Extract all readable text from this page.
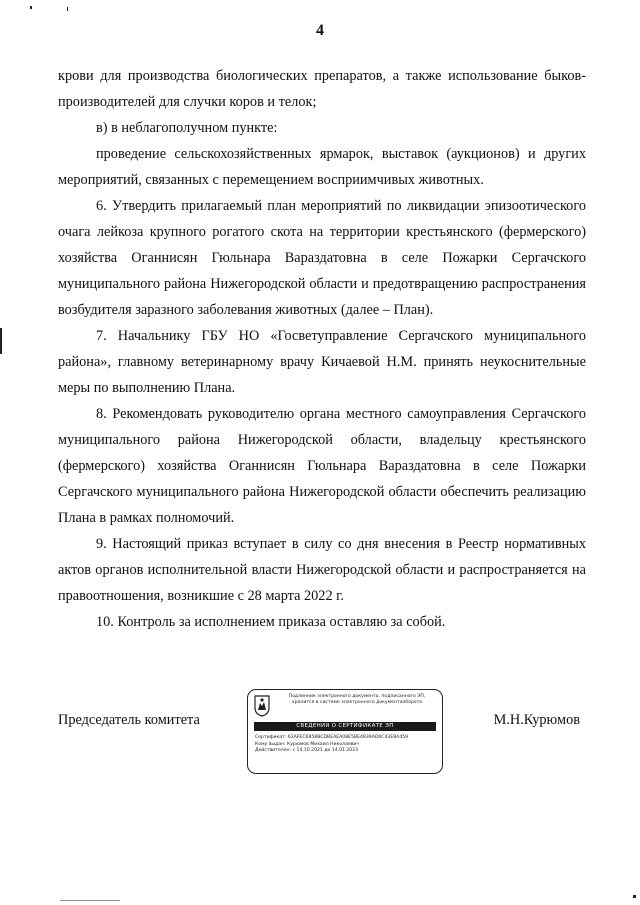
4

крови для производства биологических препаратов, а также использование быков-производителей для случки коров и телок;

в) в неблагополучном пункте:

проведение сельскохозяйственных ярмарок, выставок (аукционов) и других мероприятий, связанных с перемещением восприимчивых животных.

6. Утвердить прилагаемый план мероприятий по ликвидации эпизоотического очага лейкоза крупного рогатого скота на территории крестьянского (фермерского) хозяйства Оганнисян Гюльнара Вараздатовна в селе Пожарки Сергачского муниципального района Нижегородской области и предотвращению распространения возбудителя заразного заболевания животных (далее – План).

7. Начальнику ГБУ НО «Госветуправление Сергачского муниципального района», главному ветеринарному врачу Кичаевой Н.М. принять неукоснительные меры по выполнению Плана.

8. Рекомендовать руководителю органа местного самоуправления Сергачского муниципального района Нижегородской области, владельцу крестьянского (фермерского) хозяйства Оганнисян Гюльнара Вараздатовна в селе Пожарки Сергачского муниципального района Нижегородской области обеспечить реализацию Плана в рамках полномочий.

9. Настоящий приказ вступает в силу со дня внесения в Реестр нормативных актов органов исполнительной власти Нижегородской области и распространяется на правоотношения, возникшие с 28 марта 2022 г.

10. Контроль за исполнением приказа оставляю за собой.

Председатель комитета	М.Н.Курюмов
Подлинник электронного документа, подписанного ЭП,
хранится в системе электронного документооборота
СВЕДЕНИЯ О СЕРТИФИКАТЕ ЭП
Сертификат: 62AFEC6858BCDBEAEA08E5BE4839AD0C43E8A459
Кому выдан: Курюмов Михаил Николаевич
Действителен: с 14.10.2021 до 14.01.2023
